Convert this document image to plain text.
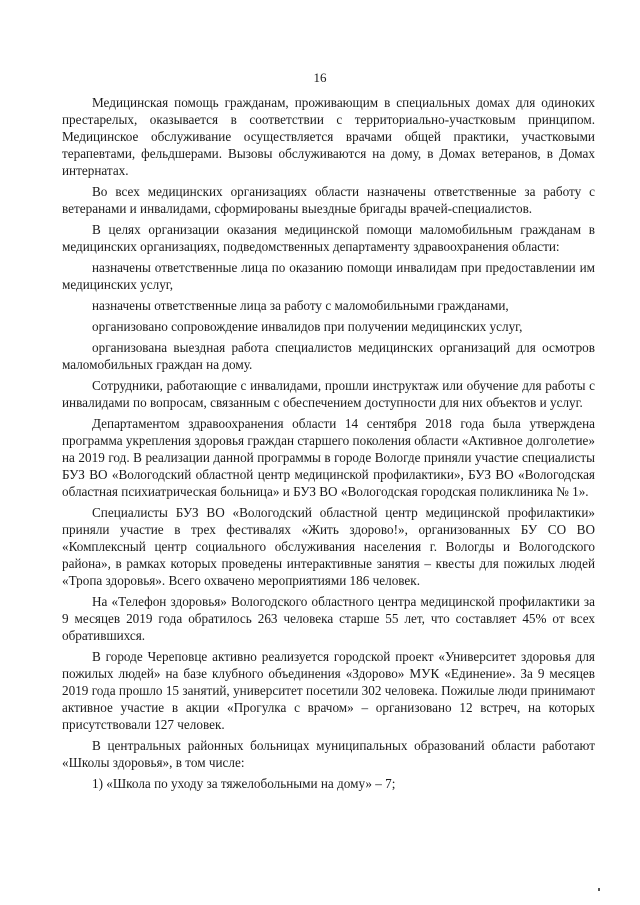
16

Медицинская помощь гражданам, проживающим в специальных домах для одиноких престарелых, оказывается в соответствии с территориально-участковым принципом. Медицинское обслуживание осуществляется врачами общей практики, участковыми терапевтами, фельдшерами. Вызовы обслуживаются на дому, в Домах ветеранов, в Домах интернатах.

Во всех медицинских организациях области назначены ответственные за работу с ветеранами и инвалидами, сформированы выездные бригады врачей-специалистов.

В целях организации оказания медицинской помощи маломобильным гражданам в медицинских организациях, подведомственных департаменту здравоохранения области:

назначены ответственные лица по оказанию помощи инвалидам при предоставлении им медицинских услуг,

назначены ответственные лица за работу с маломобильными гражданами,

организовано сопровождение инвалидов при получении медицинских услуг,

организована выездная работа специалистов медицинских организаций для осмотров маломобильных граждан на дому.

Сотрудники, работающие с инвалидами, прошли инструктаж или обучение для работы с инвалидами по вопросам, связанным с обеспечением доступности для них объектов и услуг.

Департаментом здравоохранения области 14 сентября 2018 года была утверждена программа укрепления здоровья граждан старшего поколения области «Активное долголетие» на 2019 год. В реализации данной программы в городе Вологде приняли участие специалисты БУЗ ВО «Вологодский областной центр медицинской профилактики», БУЗ ВО «Вологодская областная психиатрическая больница» и БУЗ ВО «Вологодская городская поликлиника № 1».

Специалисты БУЗ ВО «Вологодский областной центр медицинской профилактики» приняли участие в трех фестивалях «Жить здорово!», организованных БУ СО ВО «Комплексный центр социального обслуживания населения г. Вологды и Вологодского района», в рамках которых проведены интерактивные занятия – квесты для пожилых людей «Тропа здоровья». Всего охвачено мероприятиями 186 человек.

На «Телефон здоровья» Вологодского областного центра медицинской профилактики за 9 месяцев 2019 года обратилось 263 человека старше 55 лет, что составляет 45% от всех обратившихся.

В городе Череповце активно реализуется городской проект «Университет здоровья для пожилых людей» на базе клубного объединения «Здорово» МУК «Единение». За 9 месяцев 2019 года прошло 15 занятий, университет посетили 302 человека. Пожилые люди принимают активное участие в акции «Прогулка с врачом» – организовано 12 встреч, на которых присутствовали 127 человек.

В центральных районных больницах муниципальных образований области работают «Школы здоровья», в том числе:

1) «Школа по уходу за тяжелобольными на дому» – 7;
